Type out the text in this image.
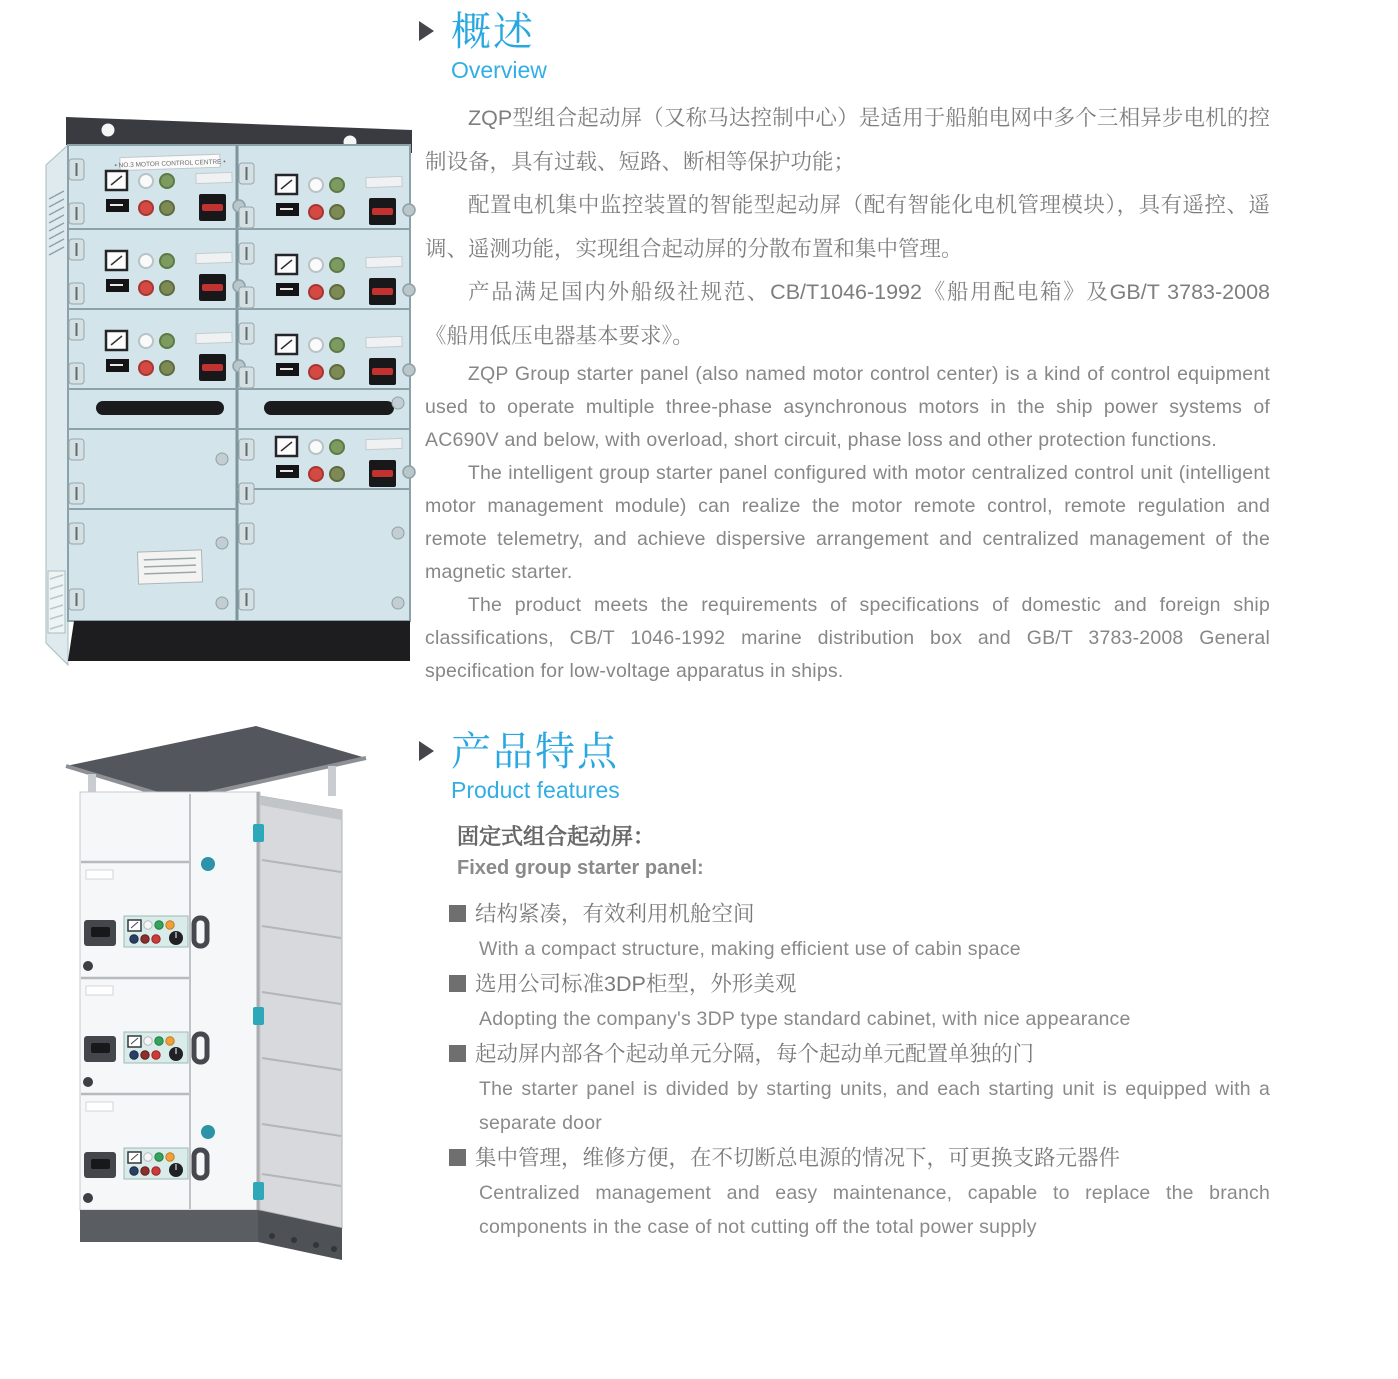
• NO.3 MOTOR CONTROL CENTRE •
概述
Overview

ZQP型组合起动屏（又称马达控制中心）是适用于船舶电网中多个三相异步电机的控制设备，具有过载、短路、断相等保护功能；

配置电机集中监控装置的智能型起动屏（配有智能化电机管理模块），具有遥控、遥调、遥测功能，实现组合起动屏的分散布置和集中管理。

产品满足国内外船级社规范、CB/T1046-1992《船用配电箱》及GB/T 3783-2008《船用低压电器基本要求》。

ZQP Group starter panel (also named motor control center) is a kind of control equipment used to operate multiple three-phase asynchronous motors in the ship power systems of AC690V and below, with overload, short circuit, phase loss and other protection functions.

The intelligent group starter panel configured with motor centralized control unit (intelligent motor management module) can realize the motor remote control, remote regulation and remote telemetry, and achieve dispersive arrangement and centralized management of the magnetic starter.

The product meets the requirements of specifications of domestic and foreign ship classifications, CB/T 1046-1992 marine distribution box and GB/T 3783-2008 General specification for low-voltage apparatus in ships.

产品特点
Product features
固定式组合起动屏：
Fixed group starter panel:
结构紧凑，有效利用机舱空间
With a compact structure, making efficient use of cabin space
选用公司标准3DP柜型，外形美观
Adopting the company's 3DP type standard cabinet, with nice appearance
起动屏内部各个起动单元分隔，每个起动单元配置单独的门
The starter panel is divided by starting units, and each starting unit is equipped with a separate door
集中管理，维修方便，在不切断总电源的情况下，可更换支路元器件
Centralized management and easy maintenance, capable to replace the branch components in the case of not cutting off the total power supply
